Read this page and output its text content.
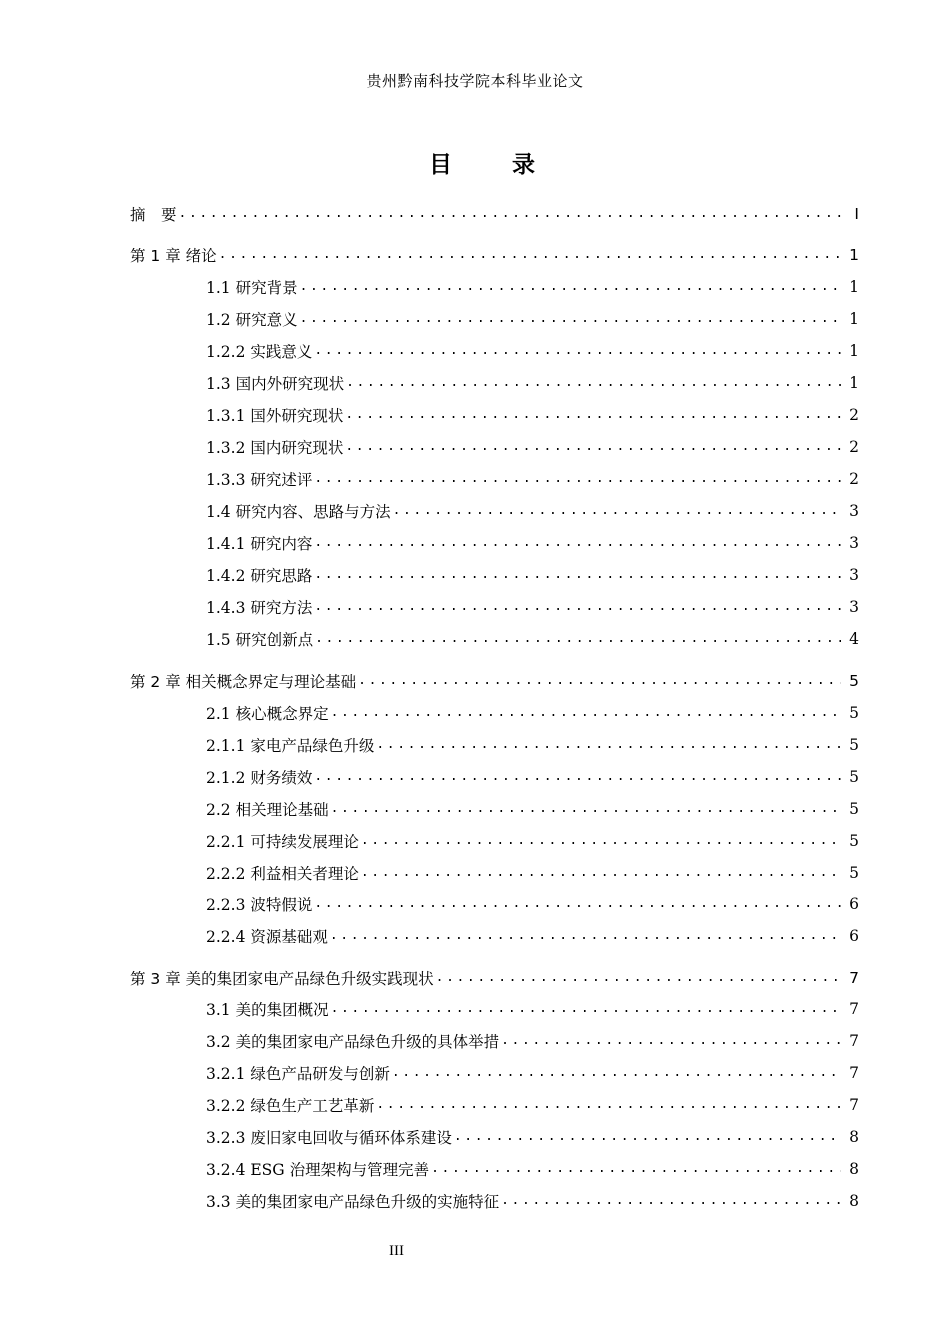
贵州黔南科技学院本科毕业论文
目 录
摘　要 .....	I
第 1 章 绪论 .....	1
1.1 研究背景 .....	1
1.2 研究意义 .....	1
1.2.2 实践意义 .....	1
1.3 国内外研究现状 .....	1
1.3.1 国外研究现状 .....	2
1.3.2 国内研究现状 .....	2
1.3.3 研究述评 .....	2
1.4 研究内容、思路与方法 .....	3
1.4.1 研究内容 .....	3
1.4.2 研究思路 .....	3
1.4.3 研究方法 .....	3
1.5 研究创新点 .....	4
第 2 章 相关概念界定与理论基础 .....	5
2.1 核心概念界定 .....	5
2.1.1 家电产品绿色升级 .....	5
2.1.2 财务绩效 .....	5
2.2 相关理论基础 .....	5
2.2.1 可持续发展理论 .....	5
2.2.2 利益相关者理论 .....	5
2.2.3 波特假说 .....	6
2.2.4 资源基础观 .....	6
第 3 章 美的集团家电产品绿色升级实践现状 .....	7
3.1 美的集团概况 .....	7
3.2 美的集团家电产品绿色升级的具体举措 .....	7
3.2.1 绿色产品研发与创新 .....	7
3.2.2 绿色生产工艺革新 .....	7
3.2.3 废旧家电回收与循环体系建设 .....	8
3.2.4 ESG 治理架构与管理完善 .....	8
3.3 美的集团家电产品绿色升级的实施特征 .....	8
III
